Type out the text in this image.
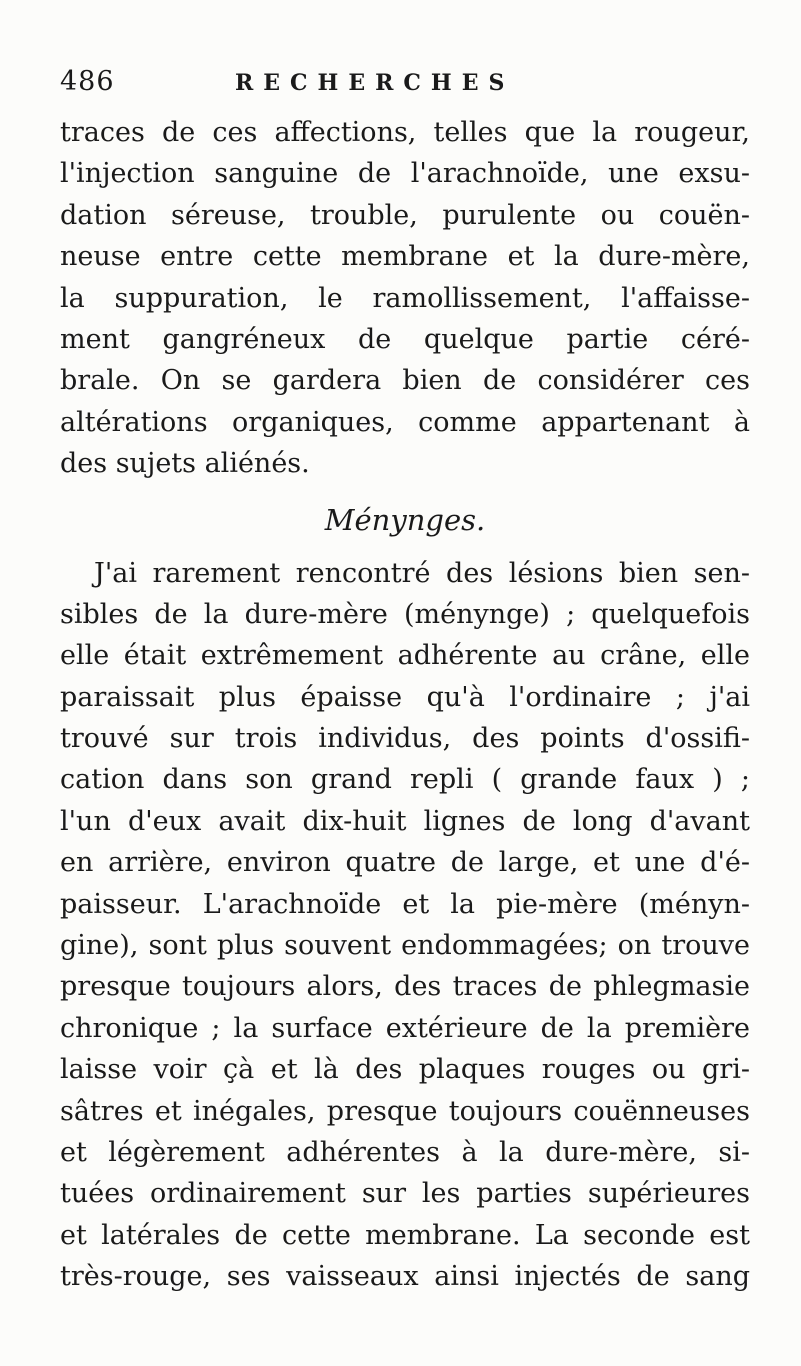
486	RECHERCHES
traces de ces affections, telles que la rougeur,
l'injection sanguine de l'arachnoïde, une exsu-
dation séreuse, trouble, purulente ou couën-
neuse entre cette membrane et la dure-mère,
la suppuration, le ramollissement, l'affaisse-
ment gangréneux de quelque partie céré-
brale. On se gardera bien de considérer ces
altérations organiques, comme appartenant à
des sujets aliénés.
Ménynges.
J'ai rarement rencontré des lésions bien sen-
sibles de la dure-mère (ménynge) ; quelquefois
elle était extrêmement adhérente au crâne, elle
paraissait plus épaisse qu'à l'ordinaire ; j'ai
trouvé sur trois individus, des points d'ossifi-
cation dans son grand repli ( grande faux ) ;
l'un d'eux avait dix-huit lignes de long d'avant
en arrière, environ quatre de large, et une d'é-
paisseur. L'arachnoïde et la pie-mère (ményn-
gine), sont plus souvent endommagées; on trouve
presque toujours alors, des traces de phlegmasie
chronique ; la surface extérieure de la première
laisse voir çà et là des plaques rouges ou gri-
sâtres et inégales, presque toujours couënneuses
et légèrement adhérentes à la dure-mère, si-
tuées ordinairement sur les parties supérieures
et latérales de cette membrane. La seconde est
très-rouge, ses vaisseaux ainsi injectés de sang
